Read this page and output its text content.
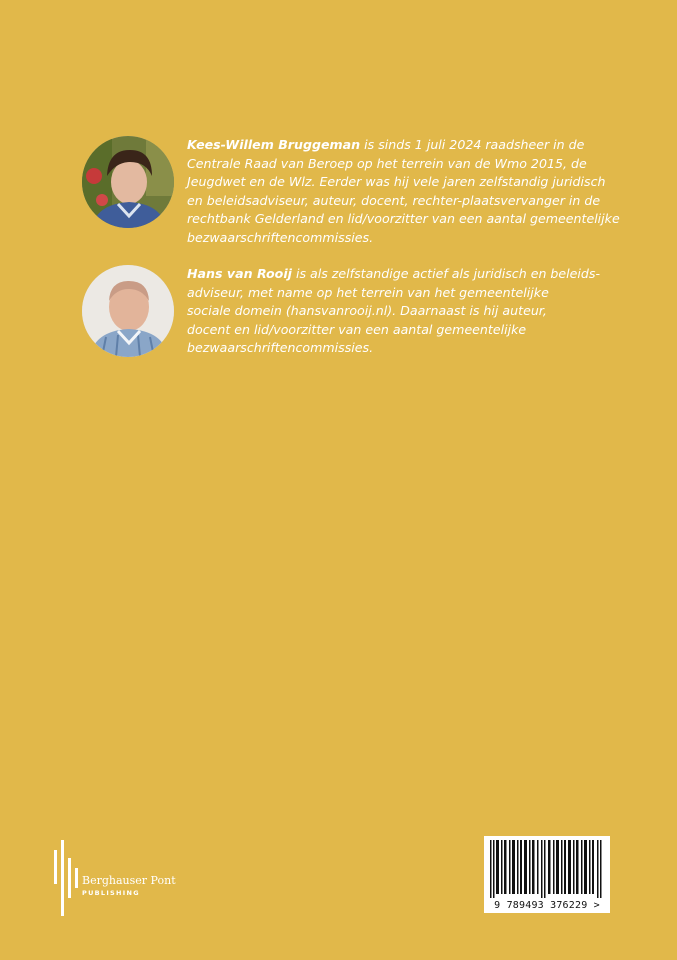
Kees-Willem Bruggeman is sinds 1 juli 2024 raadsheer in de
Centrale Raad van Beroep op het terrein van de Wmo 2015, de
Jeugdwet en de Wlz. Eerder was hij vele jaren zelfstandig juridisch
en beleidsadviseur, auteur, docent, rechter-plaatsvervanger in de
rechtbank Gelderland en lid/voorzitter van een aantal gemeentelijke
bezwaarschriftencommissies.
Hans van Rooij is als zelfstandige actief als juridisch en beleids-
adviseur, met name op het terrein van het gemeentelijke
sociale domein (hansvanrooij.nl). Daarnaast is hij auteur,
docent en lid/voorzitter van een aantal gemeentelijke
bezwaarschriftencommissies.
Berghauser Pont
PUBLISHING
9 789493 376229 >
